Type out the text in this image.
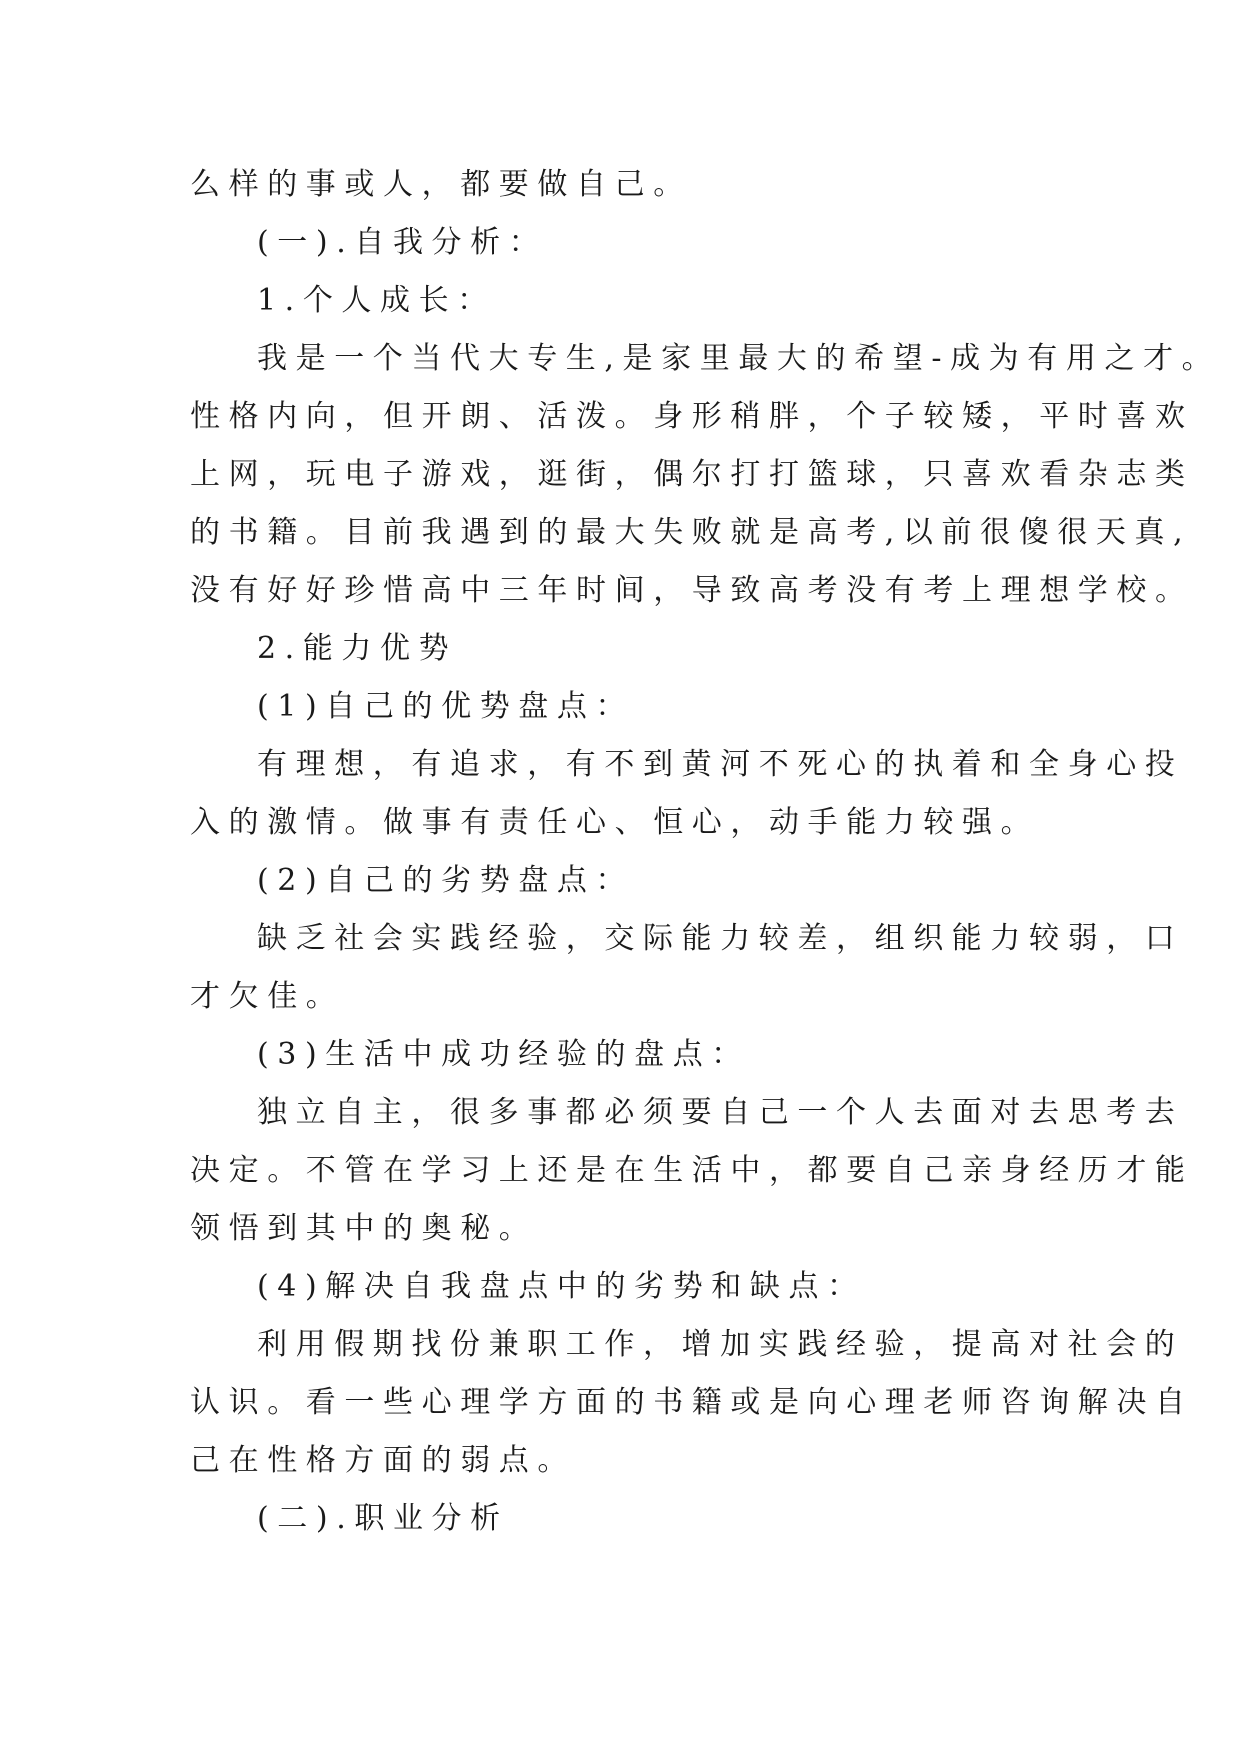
么样的事或人，都要做自己。
(一).自我分析：
1.个人成长：
我是一个当代大专生,是家里最大的希望-成为有用之才。
性格内向，但开朗、活泼。身形稍胖，个子较矮，平时喜欢
上网，玩电子游戏，逛街，偶尔打打篮球，只喜欢看杂志类
的书籍。目前我遇到的最大失败就是高考,以前很傻很天真,
没有好好珍惜高中三年时间，导致高考没有考上理想学校。
2.能力优势
(1)自己的优势盘点：
有理想，有追求，有不到黄河不死心的执着和全身心投
入的激情。做事有责任心、恒心，动手能力较强。
(2)自己的劣势盘点：
缺乏社会实践经验，交际能力较差，组织能力较弱，口
才欠佳。
(3)生活中成功经验的盘点：
独立自主，很多事都必须要自己一个人去面对去思考去
决定。不管在学习上还是在生活中，都要自己亲身经历才能
领悟到其中的奥秘。
(4)解决自我盘点中的劣势和缺点：
利用假期找份兼职工作，增加实践经验，提高对社会的
认识。看一些心理学方面的书籍或是向心理老师咨询解决自
己在性格方面的弱点。
(二).职业分析
